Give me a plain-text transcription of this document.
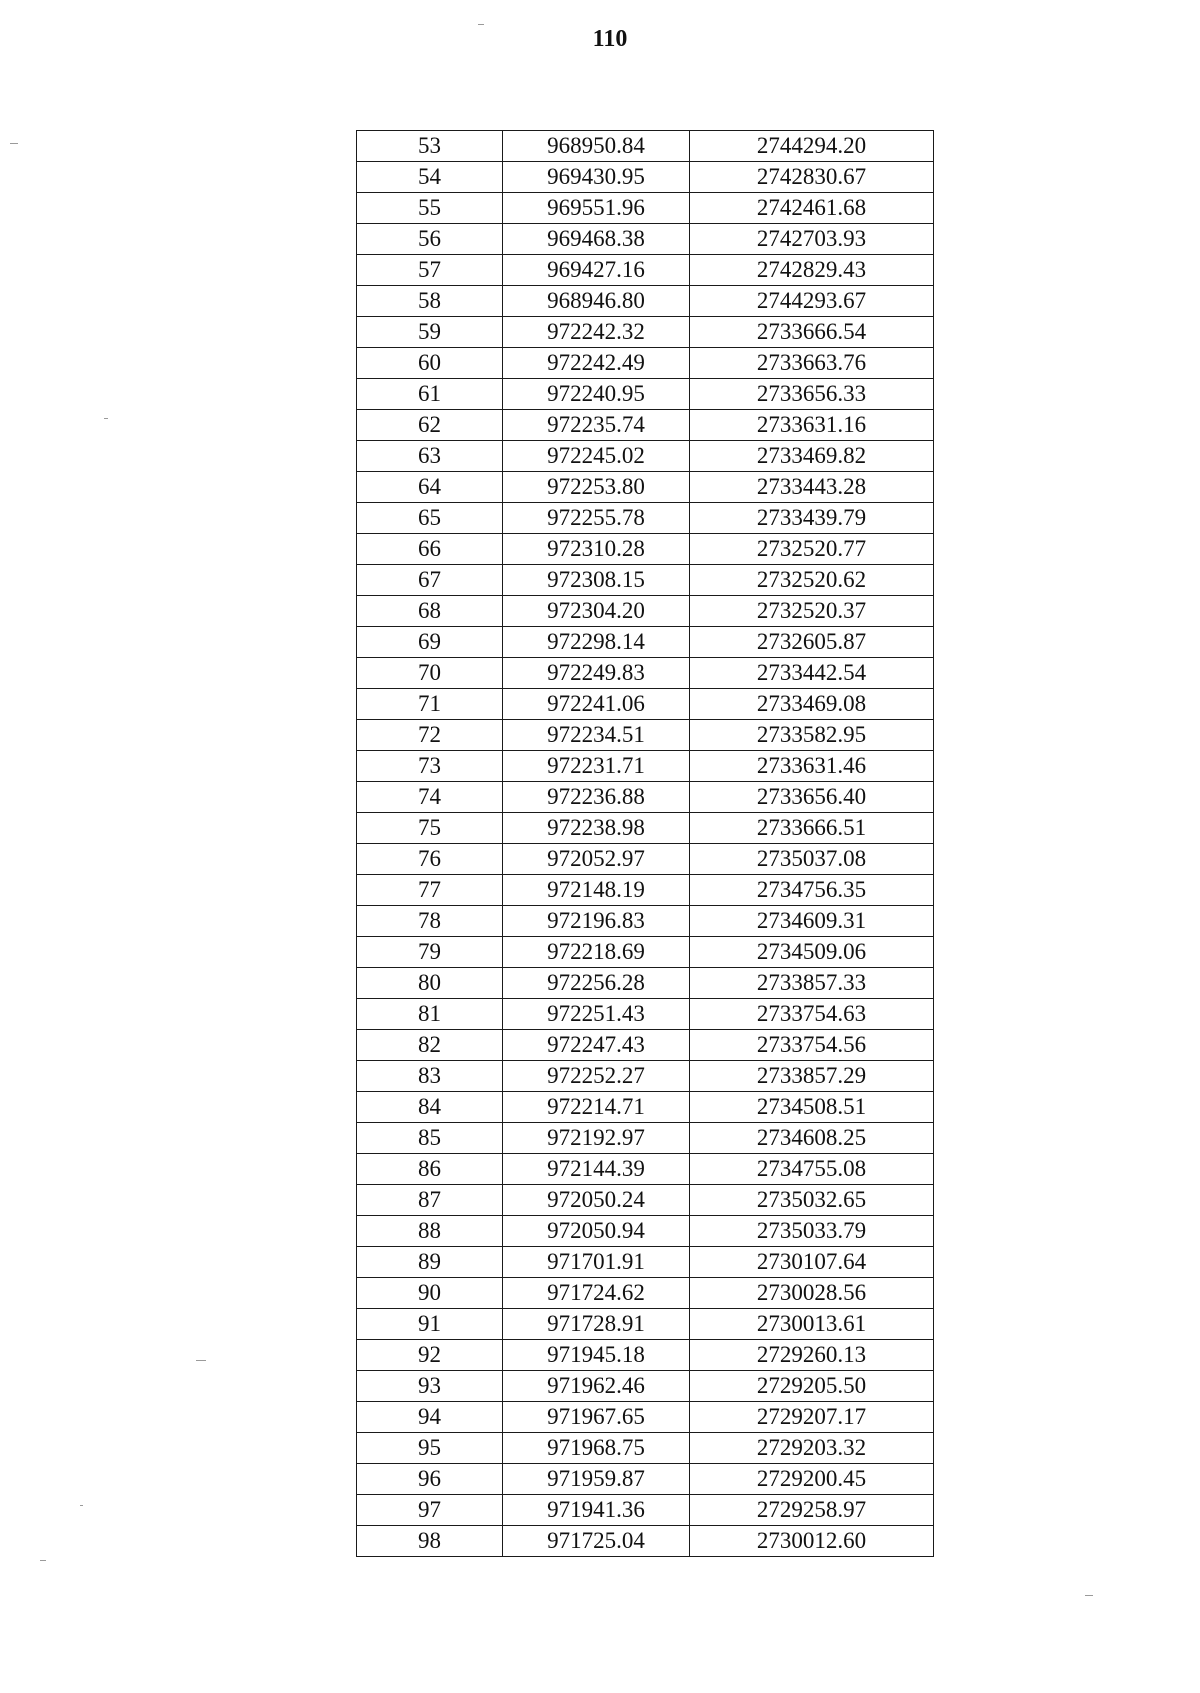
110
53	968950.84	2744294.20
54	969430.95	2742830.67
55	969551.96	2742461.68
56	969468.38	2742703.93
57	969427.16	2742829.43
58	968946.80	2744293.67
59	972242.32	2733666.54
60	972242.49	2733663.76
61	972240.95	2733656.33
62	972235.74	2733631.16
63	972245.02	2733469.82
64	972253.80	2733443.28
65	972255.78	2733439.79
66	972310.28	2732520.77
67	972308.15	2732520.62
68	972304.20	2732520.37
69	972298.14	2732605.87
70	972249.83	2733442.54
71	972241.06	2733469.08
72	972234.51	2733582.95
73	972231.71	2733631.46
74	972236.88	2733656.40
75	972238.98	2733666.51
76	972052.97	2735037.08
77	972148.19	2734756.35
78	972196.83	2734609.31
79	972218.69	2734509.06
80	972256.28	2733857.33
81	972251.43	2733754.63
82	972247.43	2733754.56
83	972252.27	2733857.29
84	972214.71	2734508.51
85	972192.97	2734608.25
86	972144.39	2734755.08
87	972050.24	2735032.65
88	972050.94	2735033.79
89	971701.91	2730107.64
90	971724.62	2730028.56
91	971728.91	2730013.61
92	971945.18	2729260.13
93	971962.46	2729205.50
94	971967.65	2729207.17
95	971968.75	2729203.32
96	971959.87	2729200.45
97	971941.36	2729258.97
98	971725.04	2730012.60
